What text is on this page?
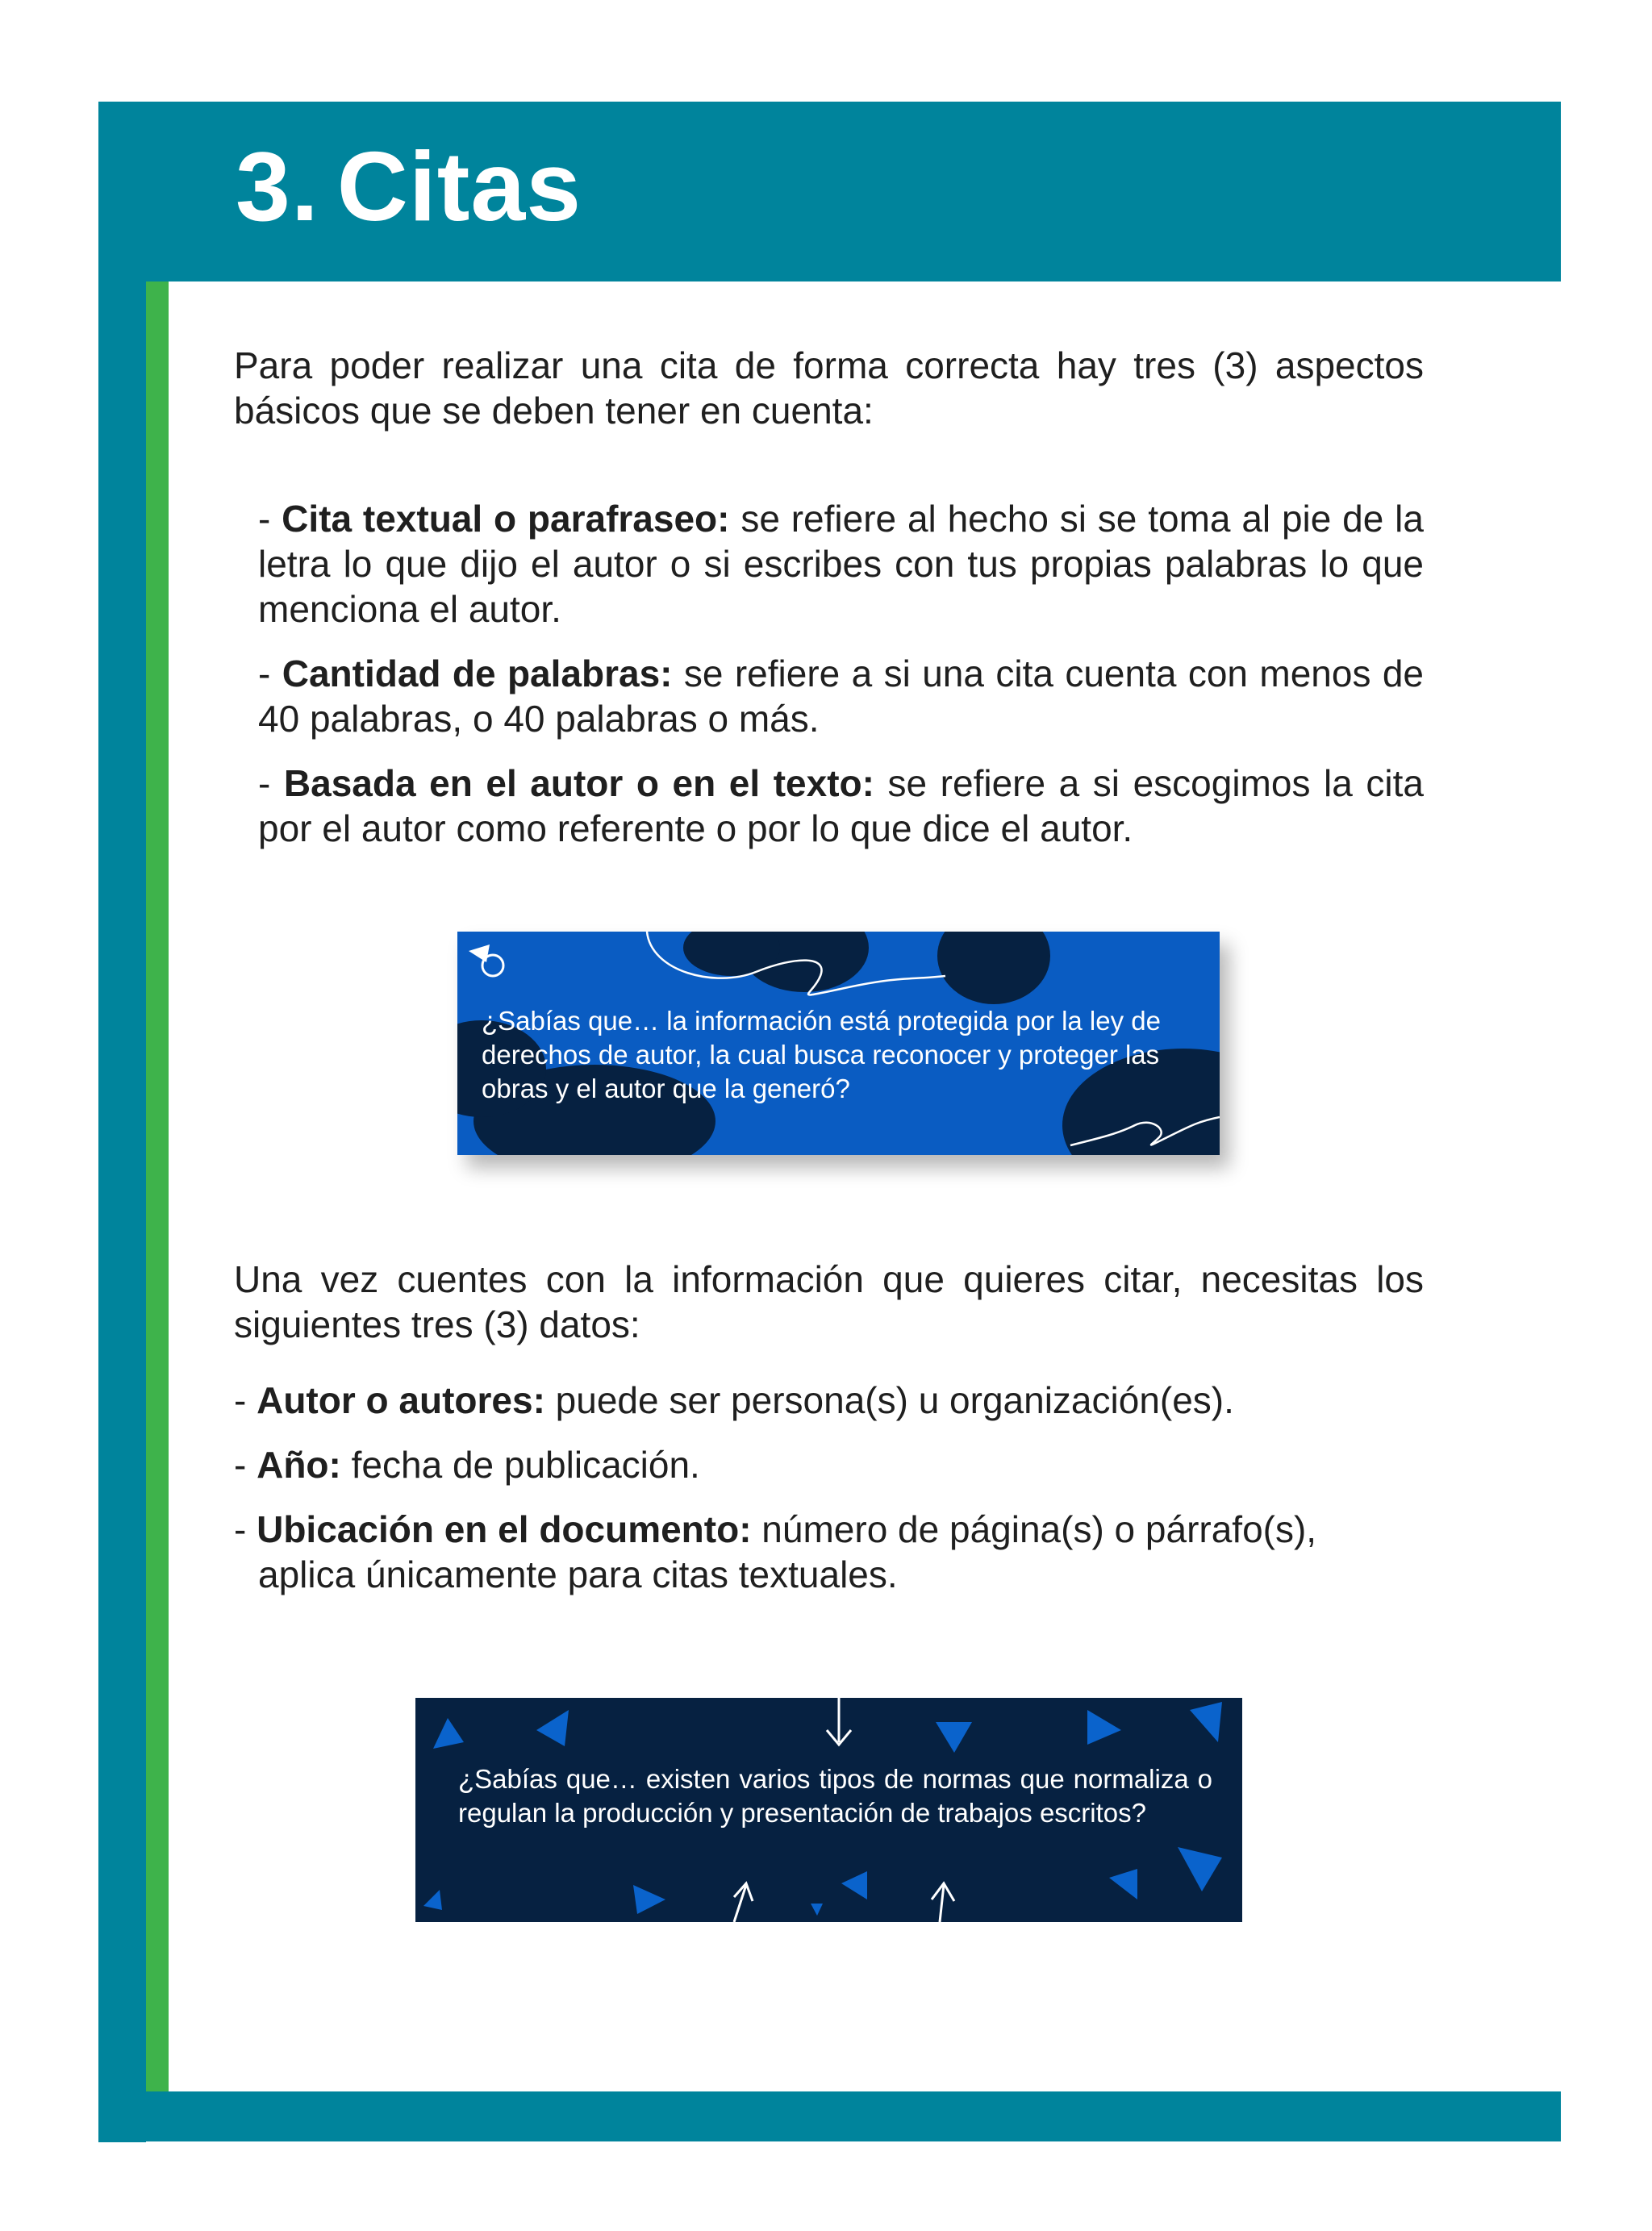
3. Citas

Para poder realizar una cita de forma correcta hay tres (3) aspectos básicos que se deben tener en cuenta:

- Cita textual o parafraseo: se refiere al hecho si se toma al pie de la letra lo que dijo el autor o si escribes con tus propias palabras lo que menciona el autor.
- Cantidad de palabras: se refiere a si una cita cuenta con menos de 40 palabras, o 40 palabras o más.
- Basada en el autor o en el texto: se refiere a si escogimos la cita por el autor como referente o por lo que dice el autor.
¿Sabías que… la información está protegida por la ley de derechos de autor, la cual busca reconocer y proteger las obras y el autor que la generó?

Una vez cuentes con la información que quieres citar, necesitas los siguientes tres (3) datos:

- Autor o autores: puede ser persona(s) u organización(es).
- Año: fecha de publicación.
- Ubicación en el documento: número de página(s) o párrafo(s), aplica únicamente para citas textuales.
¿Sabías que… existen varios tipos de normas que normaliza o regulan la producción y presentación de trabajos escritos?
